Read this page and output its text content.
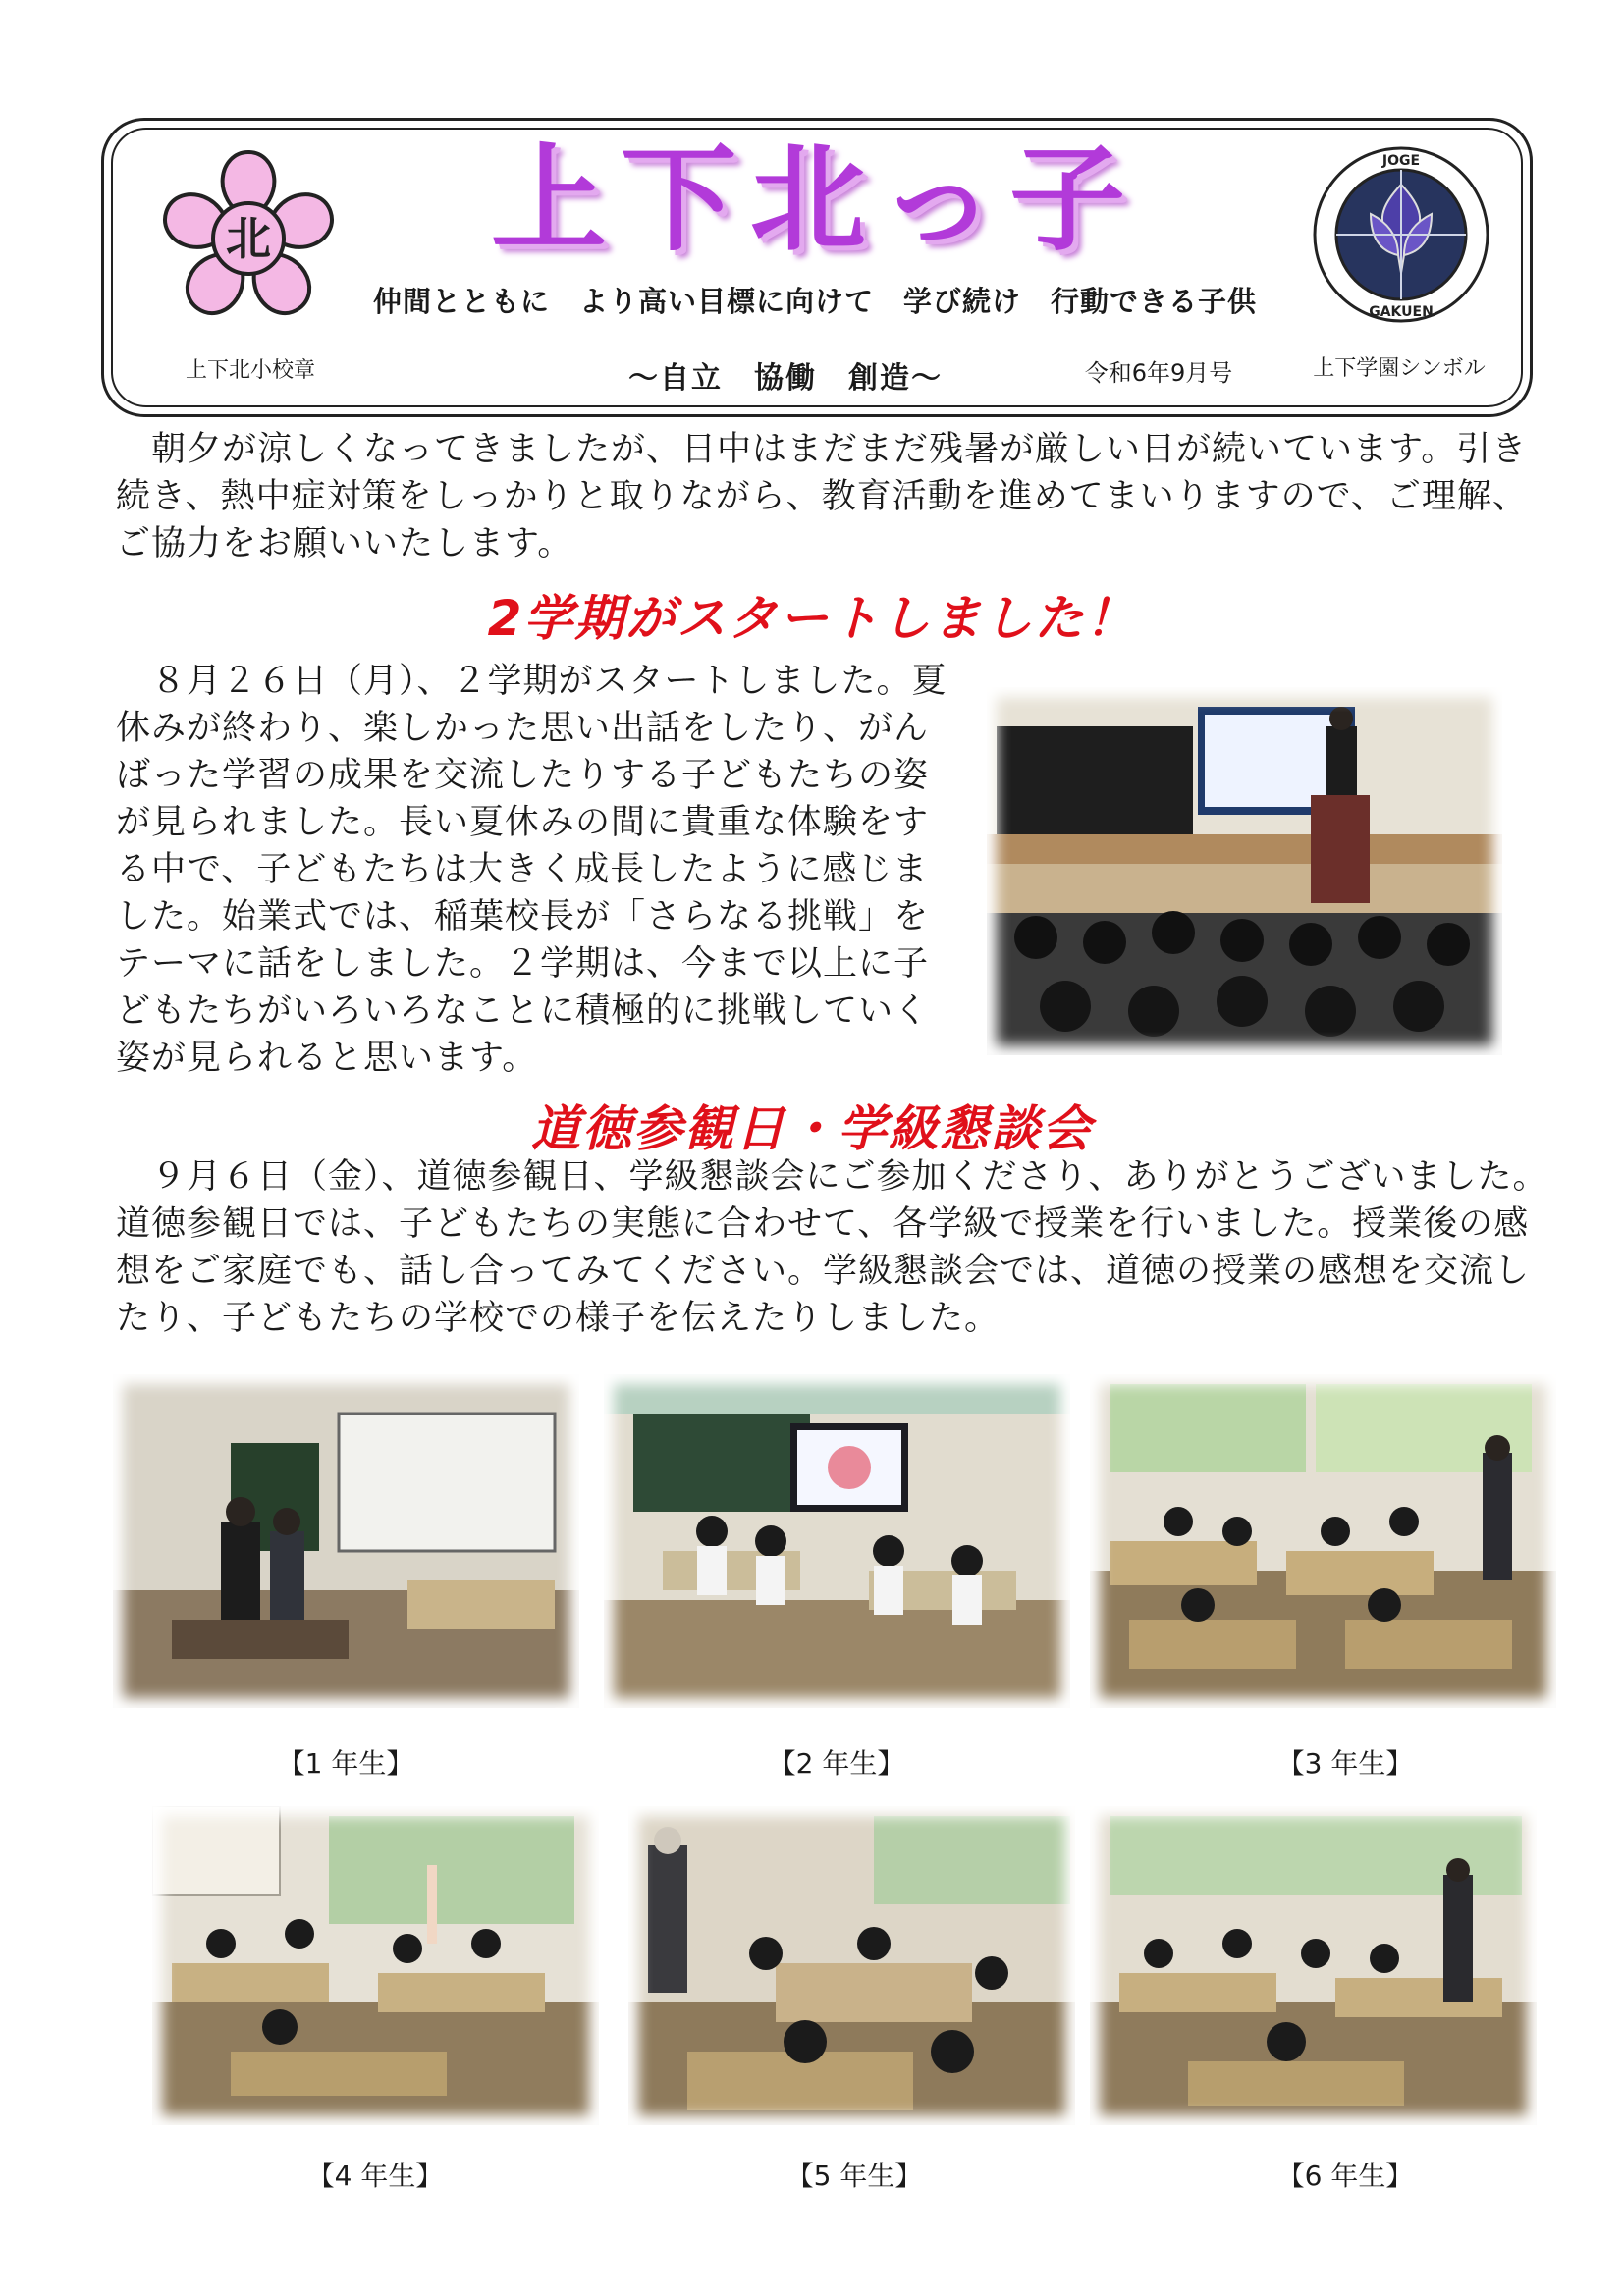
北
上下北小校章
上下北っ子
仲間とともに　より高い目標に向けて　学び続け　行動できる子供
～自立　協働　創造～	令和6年9月号
JOGE
GAKUEN
上下学園シンボル
　朝夕が涼しくなってきましたが、日中はまだまだ残暑が厳しい日が続いています。引き続き、熱中症対策をしっかりと取りながら、教育活動を進めてまいりますので、ご理解、ご協力をお願いいたします。
2学期がスタートしました！
　８月２６日（月）、２学期がスタートしました。夏休みが終わり、楽しかった思い出話をしたり、がんばった学習の成果を交流したりする子どもたちの姿が見られました。長い夏休みの間に貴重な体験をする中で、子どもたちは大きく成長したように感じました。始業式では、稲葉校長が「さらなる挑戦」をテーマに話をしました。２学期は、今まで以上に子どもたちがいろいろなことに積極的に挑戦していく姿が見られると思います。
道徳参観日・学級懇談会
　９月６日（金）、道徳参観日、学級懇談会にご参加くださり、ありがとうございました。道徳参観日では、子どもたちの実態に合わせて、各学級で授業を行いました。授業後の感想をご家庭でも、話し合ってみてください。学級懇談会では、道徳の授業の感想を交流したり、子どもたちの学校での様子を伝えたりしました。
【1 年生】	【2 年生】	【3 年生】
【4 年生】	【5 年生】	【6 年生】
